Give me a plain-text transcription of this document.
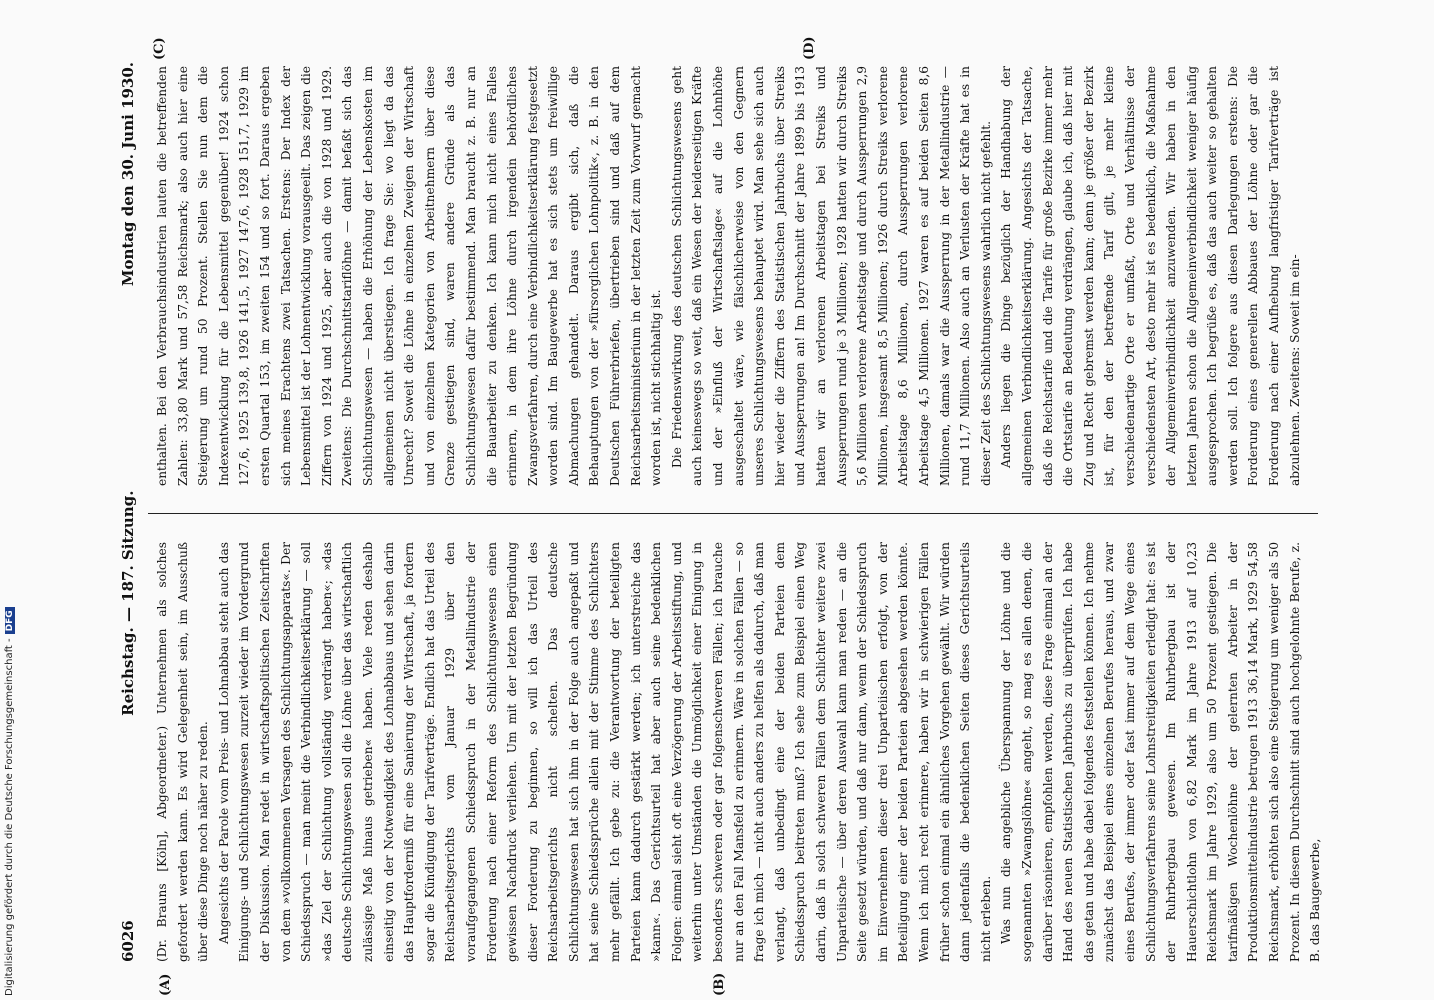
6026
Reichstag. — 187. Sitzung.
Montag den 30. Juni 1930.

(Dr. Brauns [Köln], Abgeordneter.) Unternehmen als solches gefordert werden kann. Es wird Gelegenheit sein, im Ausschuß über diese Dinge noch näher zu reden. Angesichts der Parole vom Preis- und Lohnabbau steht auch das Einigungs- und Schlichtungswesen zurzeit wieder im Vordergrund der Diskussion. Man redet in wirtschaftspolitischen Zeitschriften von dem »vollkommenen Versagen des Schlichtungsapparats«. Der Schiedsspruch — man meint die Verbindlichkeitserklärung — soll »das Ziel der Schlichtung vollständig verdrängt haben«; »das deutsche Schlichtungswesen soll die Löhne über das wirtschaftlich zulässige Maß hinaus getrieben« haben. Viele reden deshalb einseitig von der Notwendigkeit des Lohnabbaus und sehen darin das Hauptforderniß für eine Sanierung der Wirtschaft, ja fordern sogar die Kündigung der Tarifverträge. Endlich hat das Urteil des Reichsarbeitsgerichts vom Januar 1929 über den voraufgegangenen Schiedsspruch in der Metallindustrie der Forderung nach einer Reform des Schlichtungswesens einen gewissen Nachdruck verliehen. Um mit der letzten Begründung dieser Forderung zu beginnen, so will ich das Urteil des Reichsarbeitsgerichts nicht schelten. Das deutsche Schlichtungswesen hat sich ihm in der Folge auch angepaßt und hat seine Schiedssprüche allein mit der Stimme des Schlichters mehr gefällt. Ich gebe zu: die Verantwortung der beteiligten Parteien kann dadurch gestärkt werden; ich unterstreiche das »kann«. Das Gerichtsurteil hat aber auch seine bedenklichen Folgen: einmal sieht oft eine Verzögerung der Arbeitsstiftung, und weiterhin unter Umständen die Unmöglichkeit einer Einigung in besonders schweren oder gar folgenschweren Fällen; ich brauche nur an den Fall Mansfeld zu erinnern. Wäre in solchen Fällen — so frage ich mich — nicht auch anders zu helfen als dadurch, daß man verlangt, daß unbedingt eine der beiden Parteien dem Schiedsspruch beitreten muß? Ich sehe zum Beispiel einen Weg darin, daß in solch schweren Fällen dem Schlichter weitere zwei Unparteiische — über deren Auswahl kann man reden — an die Seite gesetzt würden, und daß nur dann, wenn der Schiedsspruch im Einvernehmen dieser drei Unparteiischen erfolgt, von der Beteiligung einer der beiden Parteien abgesehen werden könnte. Wenn ich mich recht erinnere, haben wir in schwierigen Fällen früher schon einmal ein ähnliches Vorgehen gewählt. Wir würden dann jedenfalls die bedenklichen Seiten dieses Gerichtsurteils nicht erleben. Was nun die angebliche Überspannung der Löhne und die sogenannten »Zwangslöhne« angeht, so mag es allen denen, die darüber räsonieren, empfohlen werden, diese Frage einmal an der Hand des neuen Statistischen Jahrbuchs zu überprüfen. Ich habe das getan und habe dabei folgendes feststellen können. Ich nehme zunächst das Beispiel eines einzelnen Berufes heraus, und zwar eines Berufes, der immer oder fast immer auf dem Wege eines Schlichtungsverfahrens seine Lohnstreitigkeiten erledigt hat: es ist der Ruhrbergbau gewesen. Im Ruhrbergbau ist der Hauerschichtlohn von 6,82 Mark im Jahre 1913 auf 10,23 Reichsmark im Jahre 1929, also um 50 Prozent gestiegen. Die tarifmäßigen Wochenlöhne der gelernten Arbeiter in der Produktionsmittelindustrie betrugen 1913 36,14 Mark, 1929 54,58 Reichsmark, erhöhten sich also eine Steigerung um weniger als 50 Prozent. In diesem Durchschnitt sind auch hochgelohnte Berufe, z. B. das Baugewerbe,

enthalten. Bei den Verbrauchsindustrien lauten die betreffenden Zahlen: 33,80 Mark und 57,58 Reichsmark; also auch hier eine Steigerung um rund 50 Prozent. Stellen Sie nun dem die Indexentwicklung für die Lebensmittel gegenüber! 1924 schon 127,6, 1925 139,8, 1926 141,5, 1927 147,6, 1928 151,7, 1929 im ersten Quartal 153, im zweiten 154 und so fort. Daraus ergeben sich meines Erachtens zwei Tatsachen. Erstens: Der Index der Lebensmittel ist der Lohnentwicklung vorausgeeilt. Das zeigen die Ziffern von 1924 und 1925, aber auch die von 1928 und 1929. Zweitens: Die Durchschnittstariflöhne — damit befaßt sich das Schlichtungswesen — haben die Erhöhung der Lebenskosten im allgemeinen nicht überstiegen. Ich frage Sie: wo liegt da das Unrecht? Soweit die Löhne in einzelnen Zweigen der Wirtschaft und von einzelnen Kategorien von Arbeitnehmern über diese Grenze gestiegen sind, waren andere Gründe als das Schlichtungswesen dafür bestimmend. Man braucht z. B. nur an die Bauarbeiter zu denken. Ich kann mich nicht eines Falles erinnern, in dem ihre Löhne durch irgendein behördliches Zwangsverfahren, durch eine Verbindlichkeitserklärung festgesetzt worden sind. Im Baugewerbe hat es sich stets um freiwillige Abmachungen gehandelt. Daraus ergibt sich, daß die Behauptungen von der »fürsorglichen Lohnpolitik«, z. B. in den Deutschen Führerbriefen, übertrieben sind und daß auf dem Reichsarbeitsministerium in der letzten Zeit zum Vorwurf gemacht worden ist, nicht stichhaltig ist. Die Friedenswirkung des deutschen Schlichtungswesens geht auch keineswegs so weit, daß ein Wesen der beiderseitigen Kräfte und der »Einfluß der Wirtschaftslage« auf die Lohnhöhe ausgeschaltet wäre, wie fälschlicherweise von den Gegnern unseres Schlichtungswesens behauptet wird. Man sehe sich auch hier wieder die Ziffern des Statistischen Jahrbuchs über Streiks und Aussperrungen an! Im Durchschnitt der Jahre 1899 bis 1913 hatten wir an verlorenen Arbeitstagen bei Streiks und Aussperrungen rund je 3 Millionen; 1928 hatten wir durch Streiks 5,6 Millionen verlorene Arbeitstage und durch Aussperrungen 2,9 Millionen, insgesamt 8,5 Millionen; 1926 durch Streiks verlorene Arbeitstage 8,6 Millionen, durch Aussperrungen verlorene Arbeitstage 4,5 Millionen. 1927 waren es auf beiden Seiten 8,6 Millionen, damals war die Aussperrung in der Metallindustrie — rund 11,7 Millionen. Also auch an Verlusten der Kräfte hat es in dieser Zeit des Schlichtungswesens wahrlich nicht gefehlt. Anders liegen die Dinge bezüglich der Handhabung der allgemeinen Verbindlichkeitserklärung. Angesichts der Tatsache, daß die Reichstarife und die Tarife für große Bezirke immer mehr die Ortstarife an Bedeutung verdrängen, glaube ich, daß hier mit Zug und Recht gebremst werden kann; denn je größer der Bezirk ist, für den der betreffende Tarif gilt, je mehr kleine verschiedenartige Orte er umfaßt, Orte und Verhältnisse der verschiedensten Art, desto mehr ist es bedenklich, die Maßnahme der Allgemeinverbindlichkeit anzuwenden. Wir haben in den letzten Jahren schon die Allgemeinverbindlichkeit weniger häufig ausgesprochen. Ich begrüße es, daß das auch weiter so gehalten werden soll. Ich folgere aus diesen Darlegungen erstens: Die Forderung eines generellen Abbaues der Löhne oder gar die Forderung nach einer Aufhebung langfristiger Tarifverträge ist abzulehnen. Zweitens: Soweit im ein-

(A)	(B)
(C)	(D)
Digitalisierung gefördert durch die Deutsche Forschungsgemeinschaft -DFG
